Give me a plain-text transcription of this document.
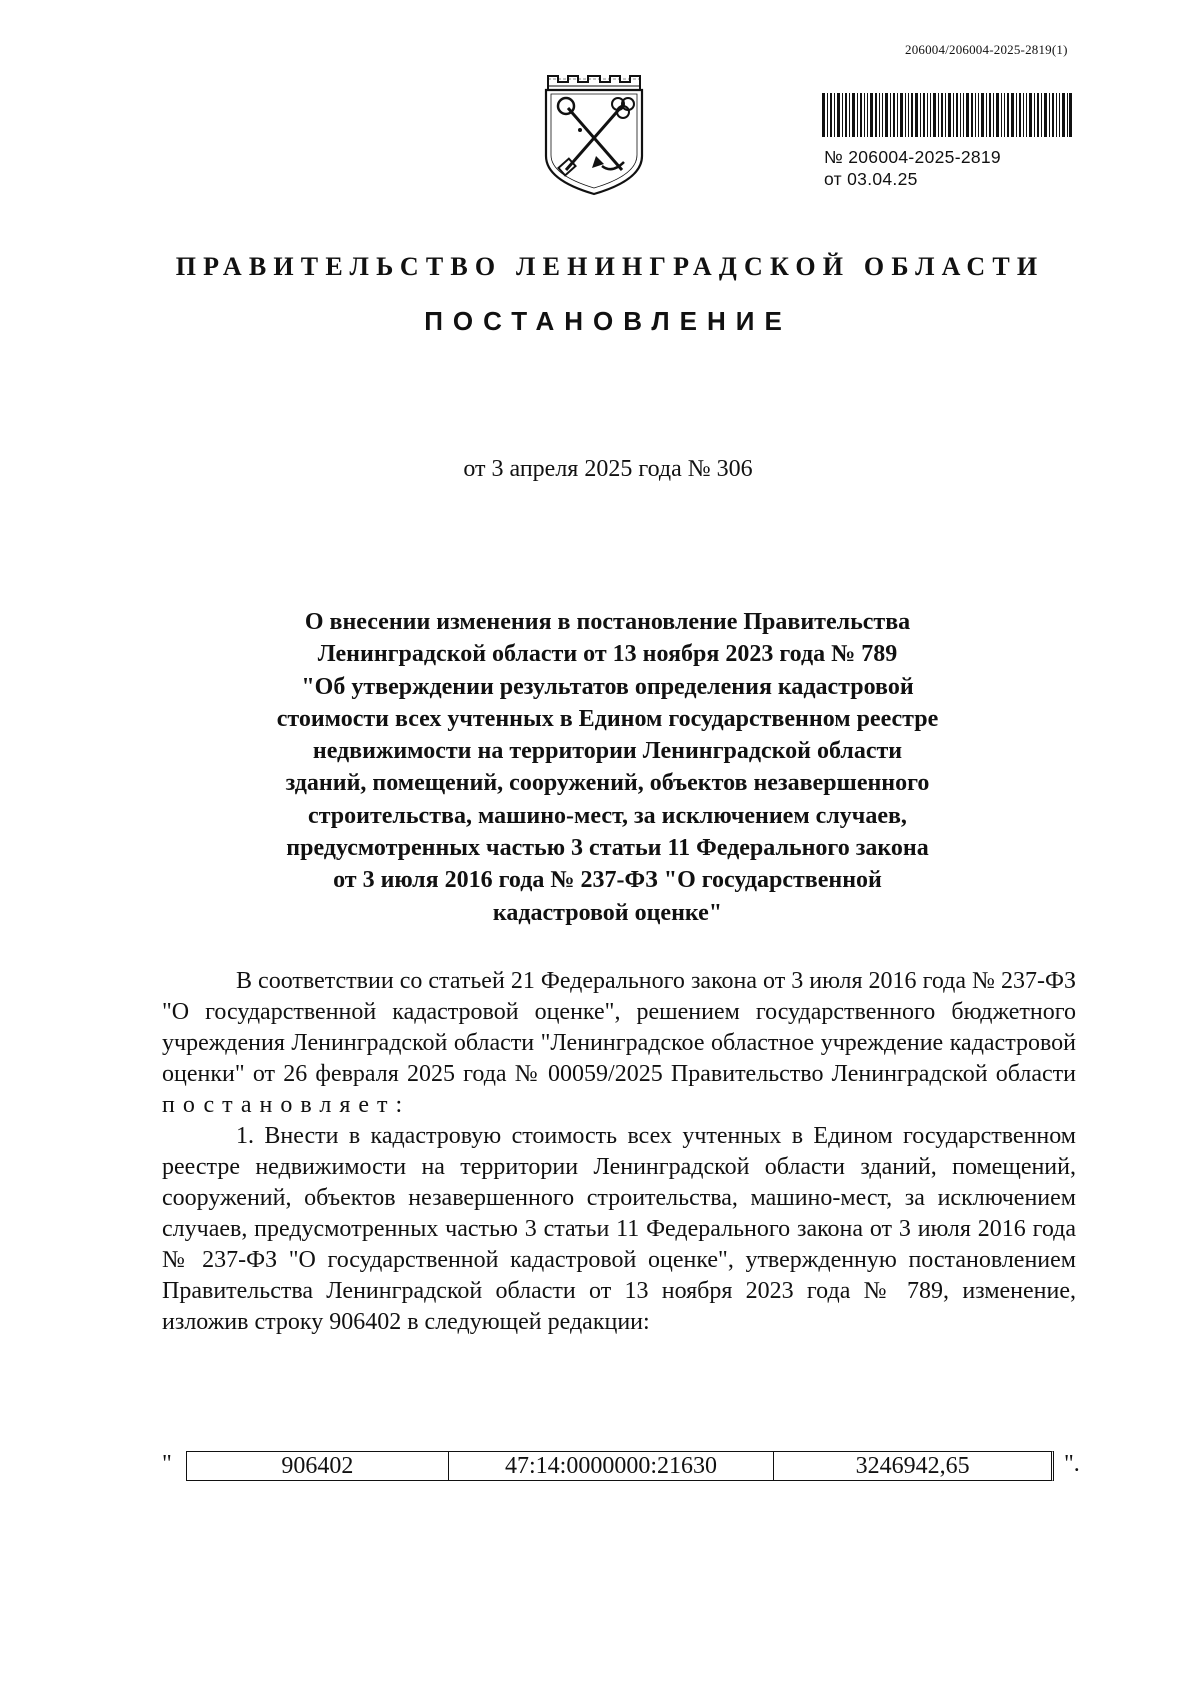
206004/206004-2025-2819(1)
№ 206004-2025-2819
от 03.04.25
ПРАВИТЕЛЬСТВО ЛЕНИНГРАДСКОЙ ОБЛАСТИ
ПОСТАНОВЛЕНИЕ
от 3 апреля 2025 года № 306
О внесении изменения в постановление Правительства
Ленинградской области от 13 ноября 2023 года № 789
"Об утверждении результатов определения кадастровой
стоимости всех учтенных в Едином государственном реестре
недвижимости на территории Ленинградской области
зданий, помещений, сооружений, объектов незавершенного
строительства, машино-мест, за исключением случаев,
предусмотренных частью 3 статьи 11 Федерального закона
от 3 июля 2016 года № 237-ФЗ "О государственной
кадастровой оценке"

В соответствии со статьей 21 Федерального закона от 3 июля 2016 года № 237-ФЗ "О государственной кадастровой оценке", решением государственного бюджетного учреждения Ленинградской области "Ленинградское областное учреждение кадастровой оценки" от 26 февраля 2025 года № 00059/2025 Правительство Ленинградской области постановляет:

1. Внести в кадастровую стоимость всех учтенных в Едином государственном реестре недвижимости на территории Ленинградской области зданий, помещений, сооружений, объектов незавершенного строительства, машино-мест, за исключением случаев, предусмотренных частью 3 статьи 11 Федерального закона от 3 июля 2016 года № 237-ФЗ "О государственной кадастровой оценке", утвержденную постановлением Правительства Ленинградской области от 13 ноября 2023 года № 789, изменение, изложив строку 906402 в следующей редакции:

"	906402	47:14:0000000:21630	3246942,65	".
